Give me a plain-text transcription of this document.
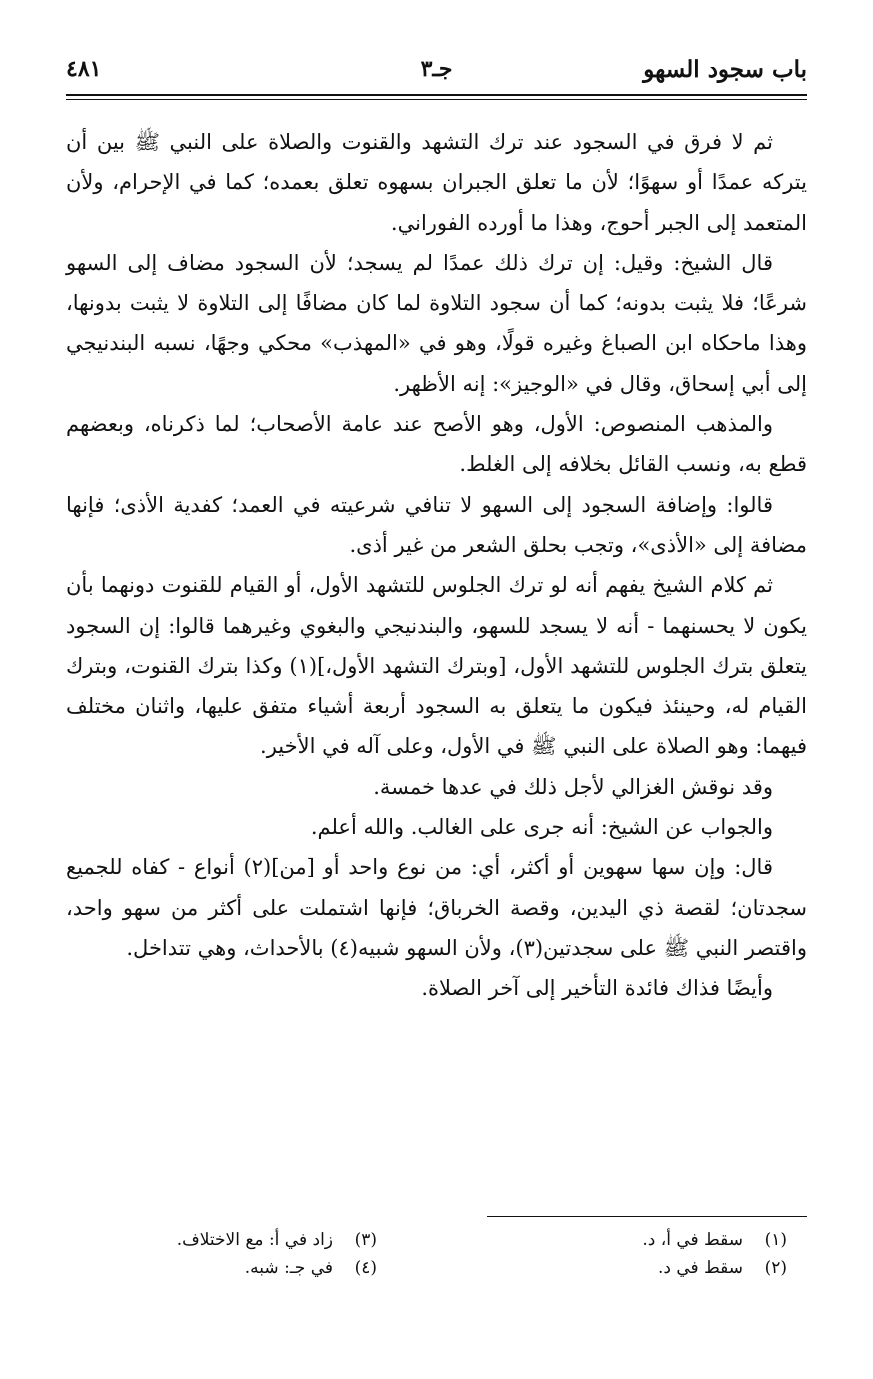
باب سجود السهو
جـ٣
٤٨١

ثم لا فرق في السجود عند ترك التشهد والقنوت والصلاة على النبي ﷺ بين أن يتركه عمدًا أو سهوًا؛ لأن ما تعلق الجبران بسهوه تعلق بعمده؛ كما في الإحرام، ولأن المتعمد إلى الجبر أحوج، وهذا ما أورده الفوراني.

قال الشيخ: وقيل: إن ترك ذلك عمدًا لم يسجد؛ لأن السجود مضاف إلى السهو شرعًا؛ فلا يثبت بدونه؛ كما أن سجود التلاوة لما كان مضافًا إلى التلاوة لا يثبت بدونها، وهذا ماحكاه ابن الصباغ وغيره قولًا، وهو في «المهذب» محكي وجهًا، نسبه البندنيجي إلى أبي إسحاق، وقال في «الوجيز»: إنه الأظهر.

والمذهب المنصوص: الأول، وهو الأصح عند عامة الأصحاب؛ لما ذكرناه، وبعضهم قطع به، ونسب القائل بخلافه إلى الغلط.

قالوا: وإضافة السجود إلى السهو لا تنافي شرعيته في العمد؛ كفدية الأذى؛ فإنها مضافة إلى «الأذى»، وتجب بحلق الشعر من غير أذى.

ثم كلام الشيخ يفهم أنه لو ترك الجلوس للتشهد الأول، أو القيام للقنوت دونهما بأن يكون لا يحسنهما - أنه لا يسجد للسهو، والبندنيجي والبغوي وغيرهما قالوا: إن السجود يتعلق بترك الجلوس للتشهد الأول، [وبترك التشهد الأول،](١) وكذا بترك القنوت، وبترك القيام له، وحينئذ فيكون ما يتعلق به السجود أربعة أشياء متفق عليها، واثنان مختلف فيهما: وهو الصلاة على النبي ﷺ في الأول، وعلى آله في الأخير.

وقد نوقش الغزالي لأجل ذلك في عدها خمسة.

والجواب عن الشيخ: أنه جرى على الغالب. والله أعلم.

قال: وإن سها سهوين أو أكثر، أي: من نوع واحد أو [من](٢) أنواع - كفاه للجميع سجدتان؛ لقصة ذي اليدين، وقصة الخرباق؛ فإنها اشتملت على أكثر من سهو واحد، واقتصر النبي ﷺ على سجدتين(٣)، ولأن السهو شبيه(٤) بالأحداث، وهي تتداخل.

وأيضًا فذاك فائدة التأخير إلى آخر الصلاة.

(١)سقط في أ، د.
(٢)سقط في د.
(٣)زاد في أ: مع الاختلاف.
(٤)في جـ: شبه.
